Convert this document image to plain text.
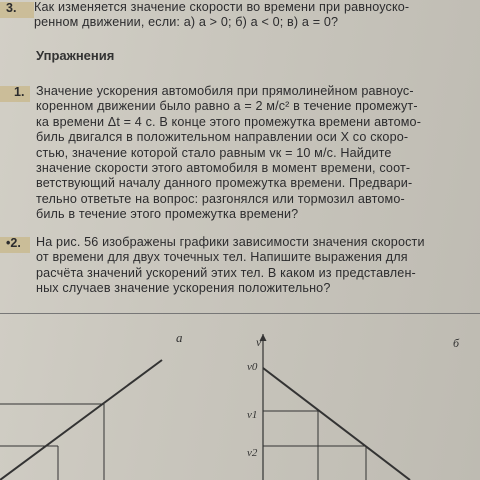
3. Как изменяется значение скорости во времени при равноуско-
ренном движении, если: а) a > 0; б) a < 0; в) a = 0?
Упражнения
1. Значение ускорения автомобиля при прямолинейном равноус-
коренном движении было равно a = 2 м/с² в течение промежут-
ка времени Δt = 4 с. В конце этого промежутка времени автомо-
биль двигался в положительном направлении оси X со скоро-
стью, значение которой стало равным vк = 10 м/с. Найдите
значение скорости этого автомобиля в момент времени, соот-
ветствующий началу данного промежутка времени. Предвари-
тельно ответьте на вопрос: разгонялся или тормозил автомо-
биль в течение этого промежутка времени?
•2. На рис. 56 изображены графики зависимости значения скорости
от времени для двух точечных тел. Напишите выражения для
расчёта значений ускорений этих тел. В каком из представлен-
ных случаев значение ускорения положительно?
а	v	б
v0
v1
v2
